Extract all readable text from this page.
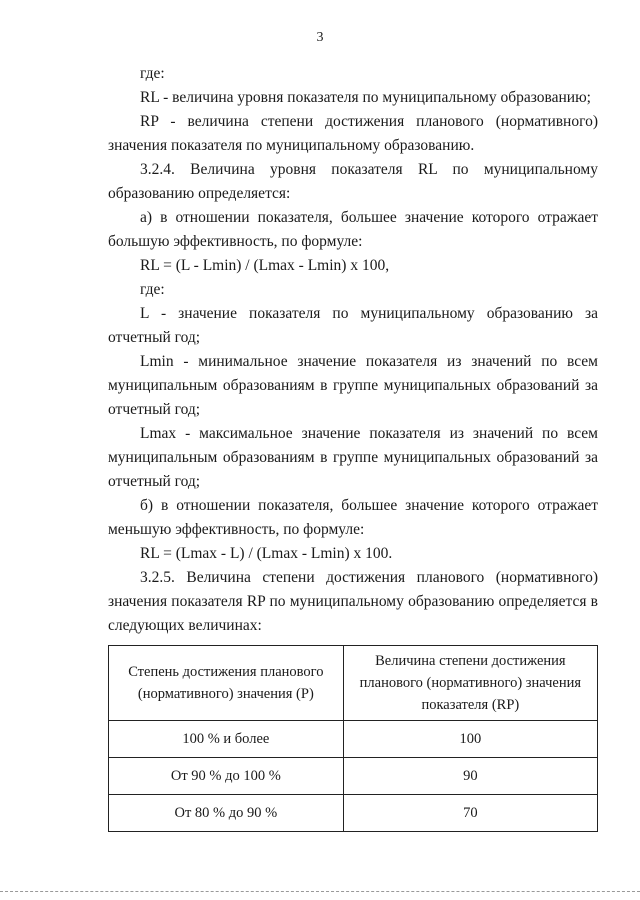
3

где:

RL - величина уровня показателя по муниципальному образованию;

RP - величина степени достижения планового (нормативного) значения показателя по муниципальному образованию.

3.2.4. Величина уровня показателя RL по муниципальному образованию определяется:

а) в отношении показателя, большее значение которого отражает большую эффективность, по формуле:

RL = (L - Lmin) / (Lmax - Lmin) x 100,

где:

L - значение показателя по муниципальному образованию за отчетный год;

Lmin - минимальное значение показателя из значений по всем муниципальным образованиям в группе муниципальных образований за отчетный год;

Lmax - максимальное значение показателя из значений по всем муниципальным образованиям в группе муниципальных образований за отчетный год;

б) в отношении показателя, большее значение которого отражает меньшую эффективность, по формуле:

RL = (Lmax - L) / (Lmax - Lmin) x 100.

3.2.5. Величина степени достижения планового (нормативного) значения показателя RP по муниципальному образованию определяется в следующих величинах:

Степень достижения планового (нормативного) значения (P)	Величина степени достижения планового (нормативного) значения показателя (RP)
100 % и более	100
От 90 % до 100 %	90
От 80 % до 90 %	70
